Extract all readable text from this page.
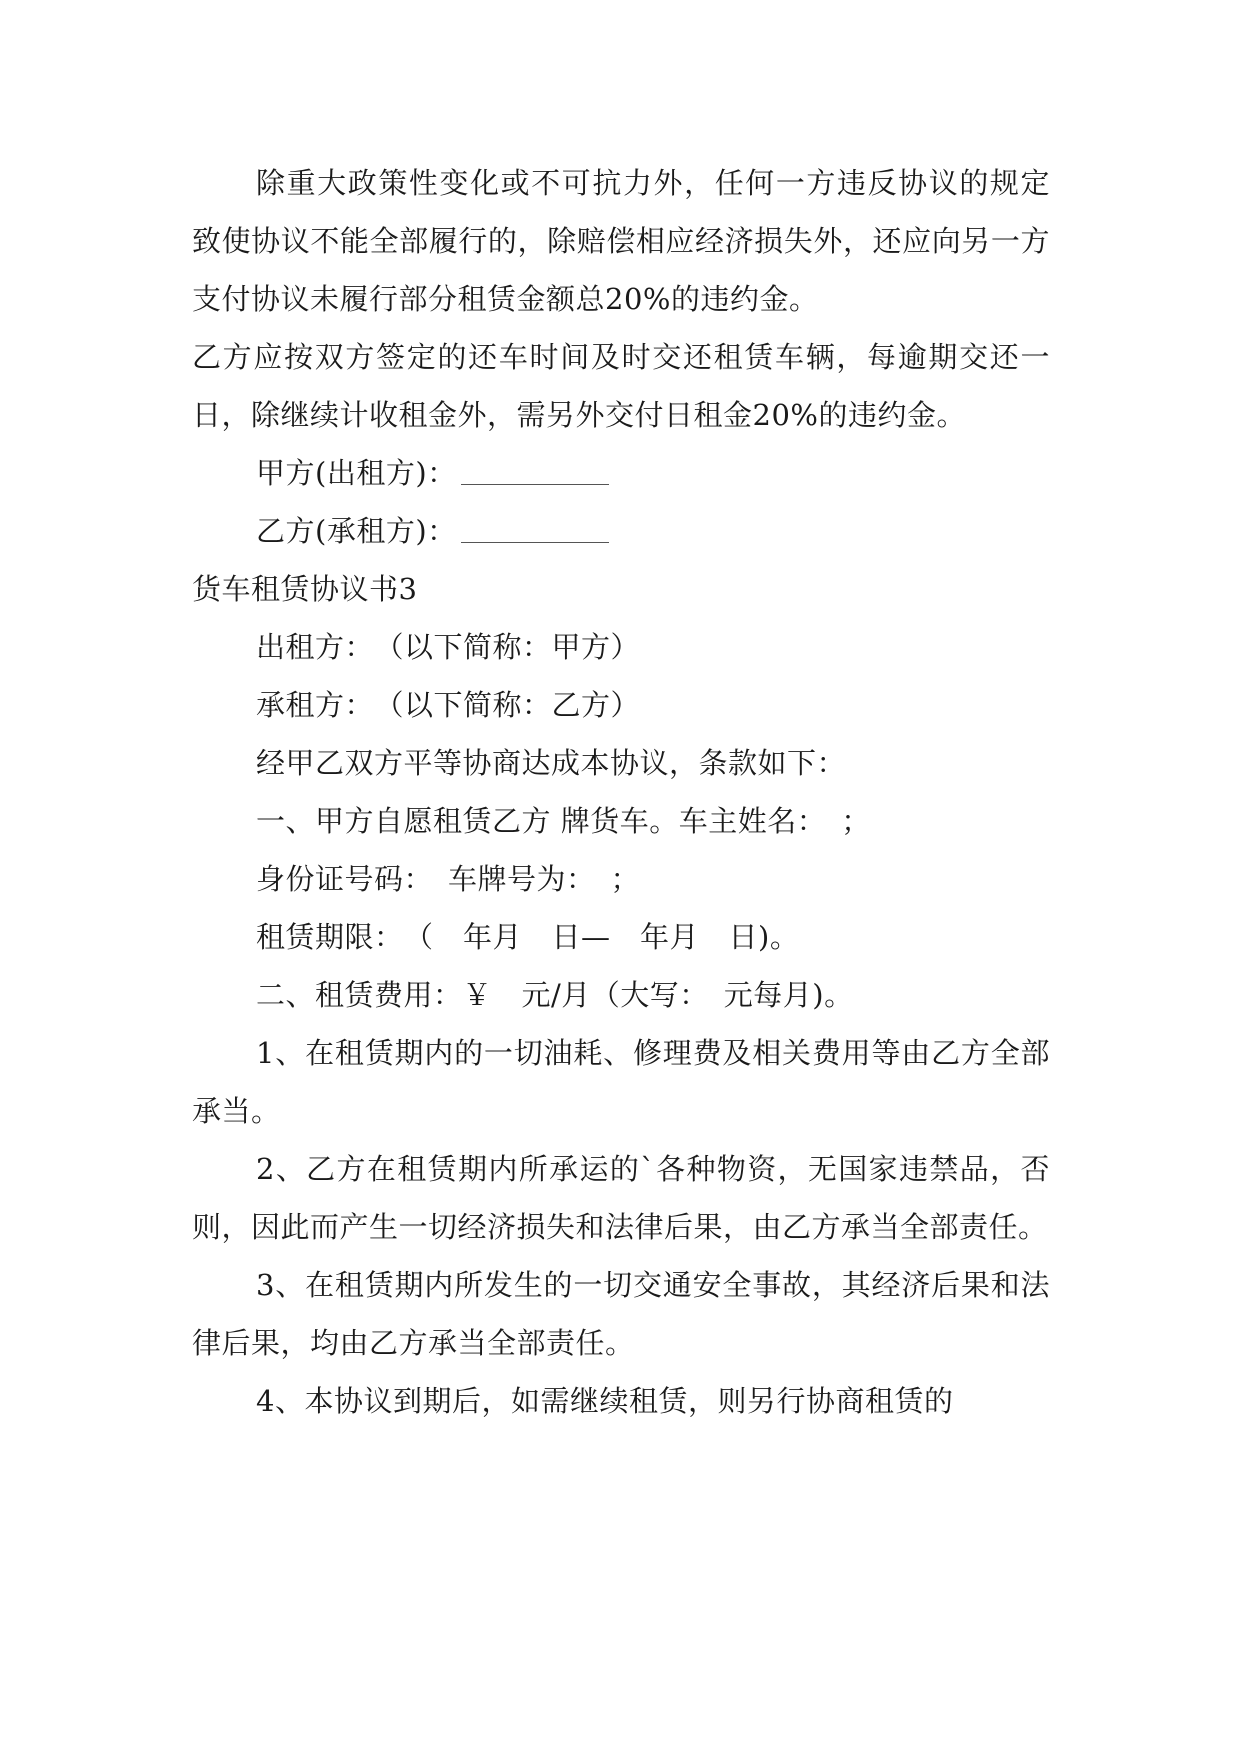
除重大政策性变化或不可抗力外，任何一方违反协议的规定致使协议不能全部履行的，除赔偿相应经济损失外，还应向另一方支付协议未履行部分租赁金额总20%的违约金。

乙方应按双方签定的还车时间及时交还租赁车辆，每逾期交还一日，除继续计收租金外，需另外交付日租金20%的违约金。

甲方(出租方)：

乙方(承租方)：

货车租赁协议书3

出租方：　（以下简称：甲方）

承租方：　（以下简称：乙方）

经甲乙双方平等协商达成本协议，条款如下：

一、甲方自愿租赁乙方 牌货车。车主姓名：　；

身份证号码：　车牌号为：　；

租赁期限：　（　年月　日—　年月　日)。

二、租赁费用：￥　元/月（大写：　元每月)。

1、在租赁期内的一切油耗、修理费及相关费用等由乙方全部承当。

2、乙方在租赁期内所承运的`各种物资，无国家违禁品，否则，因此而产生一切经济损失和法律后果，由乙方承当全部责任。

3、在租赁期内所发生的一切交通安全事故，其经济后果和法律后果，均由乙方承当全部责任。

4、本协议到期后，如需继续租赁，则另行协商租赁的
